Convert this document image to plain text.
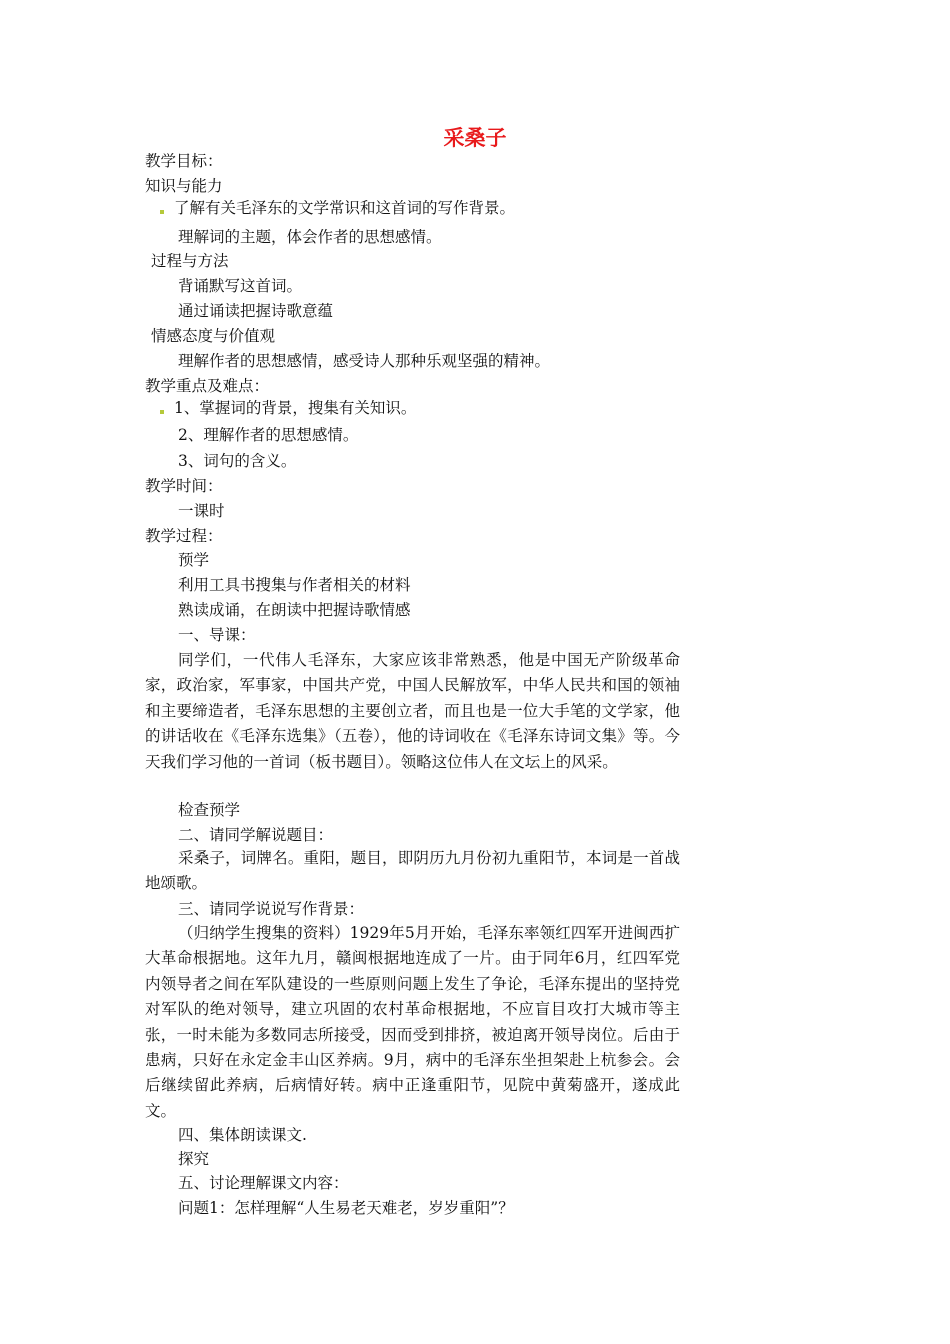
采桑子
教学目标：
知识与能力
了解有关毛泽东的文学常识和这首词的写作背景。
理解词的主题，体会作者的思想感情。
过程与方法
背诵默写这首词。
通过诵读把握诗歌意蕴
情感态度与价值观
理解作者的思想感情，感受诗人那种乐观坚强的精神。
教学重点及难点：
1、掌握词的背景，搜集有关知识。
2、理解作者的思想感情。
3、词句的含义。
教学时间：
一课时
教学过程：
预学
利用工具书搜集与作者相关的材料
熟读成诵，在朗读中把握诗歌情感
一、导课：
同学们，一代伟人毛泽东，大家应该非常熟悉，他是中国无产阶级革命家，政治家，军事家，中国共产党，中国人民解放军，中华人民共和国的领袖和主要缔造者，毛泽东思想的主要创立者，而且也是一位大手笔的文学家，他的讲话收在《毛泽东选集》（五卷），他的诗词收在《毛泽东诗词文集》等。今天我们学习他的一首词（板书题目）。领略这位伟人在文坛上的风采。
检查预学
二、请同学解说题目：
采桑子，词牌名。重阳，题目，即阴历九月份初九重阳节，本词是一首战地颂歌。
三、请同学说说写作背景：
（归纳学生搜集的资料）1929年5月开始，毛泽东率领红四军开进闽西扩大革命根据地。这年九月，赣闽根据地连成了一片。由于同年6月，红四军党内领导者之间在军队建设的一些原则问题上发生了争论，毛泽东提出的坚持党对军队的绝对领导，建立巩固的农村革命根据地，不应盲目攻打大城市等主张，一时未能为多数同志所接受，因而受到排挤，被迫离开领导岗位。后由于患病，只好在永定金丰山区养病。9月，病中的毛泽东坐担架赴上杭参会。会后继续留此养病，后病情好转。病中正逢重阳节，见院中黄菊盛开，遂成此文。
四、集体朗读课文.
探究
五、讨论理解课文内容：
问题1：怎样理解“人生易老天难老，岁岁重阳”？
